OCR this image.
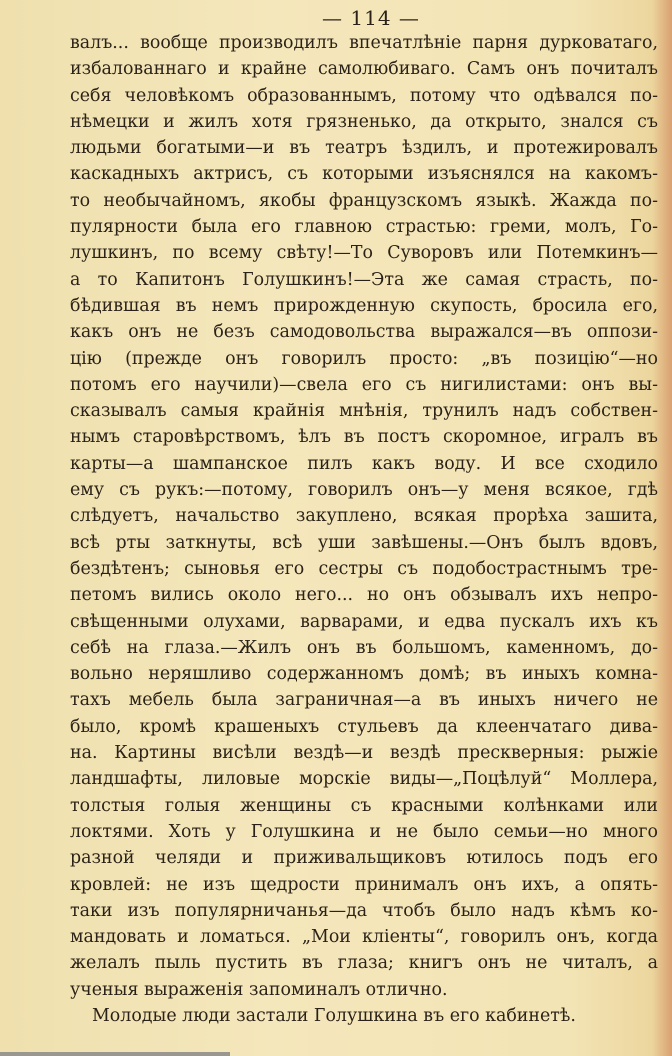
— 114 —
валъ... вообще производилъ впечатлѣніе парня дурковатаго,
избалованнаго и крайне самолюбиваго. Самъ онъ почиталъ
себя человѣкомъ образованнымъ, потому что одѣвался по-
нѣмецки и жилъ хотя грязненько, да открыто, знался съ
людьми богатыми—и въ театръ ѣздилъ, и протежировалъ
каскадныхъ актрисъ, съ которыми изъяснялся на какомъ-
то необычайномъ, якобы французскомъ языкѣ. Жажда по-
пулярности была его главною страстью: греми, молъ, Го-
лушкинъ, по всему свѣту!—То Суворовъ или Потемкинъ—
а то Капитонъ Голушкинъ!—Эта же самая страсть, по-
бѣдившая въ немъ прирожденную скупость, бросила его,
какъ онъ не безъ самодовольства выражался—въ оппози-
цію (прежде онъ говорилъ просто: „въ позицію“—но
потомъ его научили)—свела его съ нигилистами: онъ вы-
сказывалъ самыя крайнія мнѣнія, трунилъ надъ собствен-
нымъ старовѣрствомъ, ѣлъ въ постъ скоромное, игралъ въ
карты—а шампанское пилъ какъ воду. И все сходило
ему съ рукъ:—потому, говорилъ онъ—у меня всякое, гдѣ
слѣдуетъ, начальство закуплено, всякая прорѣха зашита,
всѣ рты заткнуты, всѣ уши завѣшены.—Онъ былъ вдовъ,
бездѣтенъ; сыновья его сестры съ подобострастнымъ тре-
петомъ вились около него... но онъ обзывалъ ихъ непро-
свѣщенными олухами, варварами, и едва пускалъ ихъ къ
себѣ на глаза.—Жилъ онъ въ большомъ, каменномъ, до-
вольно неряшливо содержанномъ домѣ; въ иныхъ комна-
тахъ мебель была заграничная—а въ иныхъ ничего не
было, кромѣ крашеныхъ стульевъ да клеенчатаго дива-
на. Картины висѣли вездѣ—и вездѣ прескверныя: рыжіе
ландшафты, лиловые морскіе виды—„Поцѣлуй“ Моллера,
толстыя голыя женщины съ красными колѣнками или
локтями. Хоть у Голушкина и не было семьи—но много
разной челяди и приживальщиковъ ютилось подъ его
кровлей: не изъ щедрости принималъ онъ ихъ, а опять-
таки изъ популярничанья—да чтобъ было надъ кѣмъ ко-
мандовать и ломаться. „Мои кліенты“, говорилъ онъ, когда
желалъ пыль пустить въ глаза; книгъ онъ не читалъ, а
ученыя выраженія запоминалъ отлично.
Молодые люди застали Голушкина въ его кабинетѣ.
